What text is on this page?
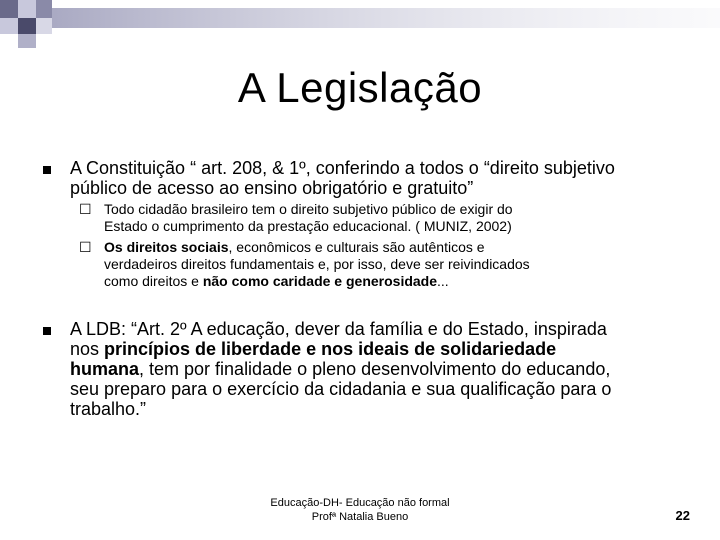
A Legislação
A Constituição “ art. 208, & 1º, conferindo a todos o “direito subjetivo
público de acesso ao ensino obrigatório e gratuito”
☐ Todo cidadão brasileiro tem o direito subjetivo público de exigir do
Estado o cumprimento da prestação educacional. ( MUNIZ, 2002)
☐ Os direitos sociais, econômicos e culturais são autênticos e
verdadeiros direitos fundamentais e, por isso, deve ser reivindicados
como direitos e não como caridade e generosidade...
A LDB: “Art. 2º A educação, dever da família e do Estado, inspirada
nos princípios de liberdade e nos ideais de solidariedade
humana, tem por finalidade o pleno desenvolvimento do educando,
seu preparo para o exercício da cidadania e sua qualificação para o
trabalho.”
Educação-DH- Educação não formal
Profª Natalia Bueno	22
